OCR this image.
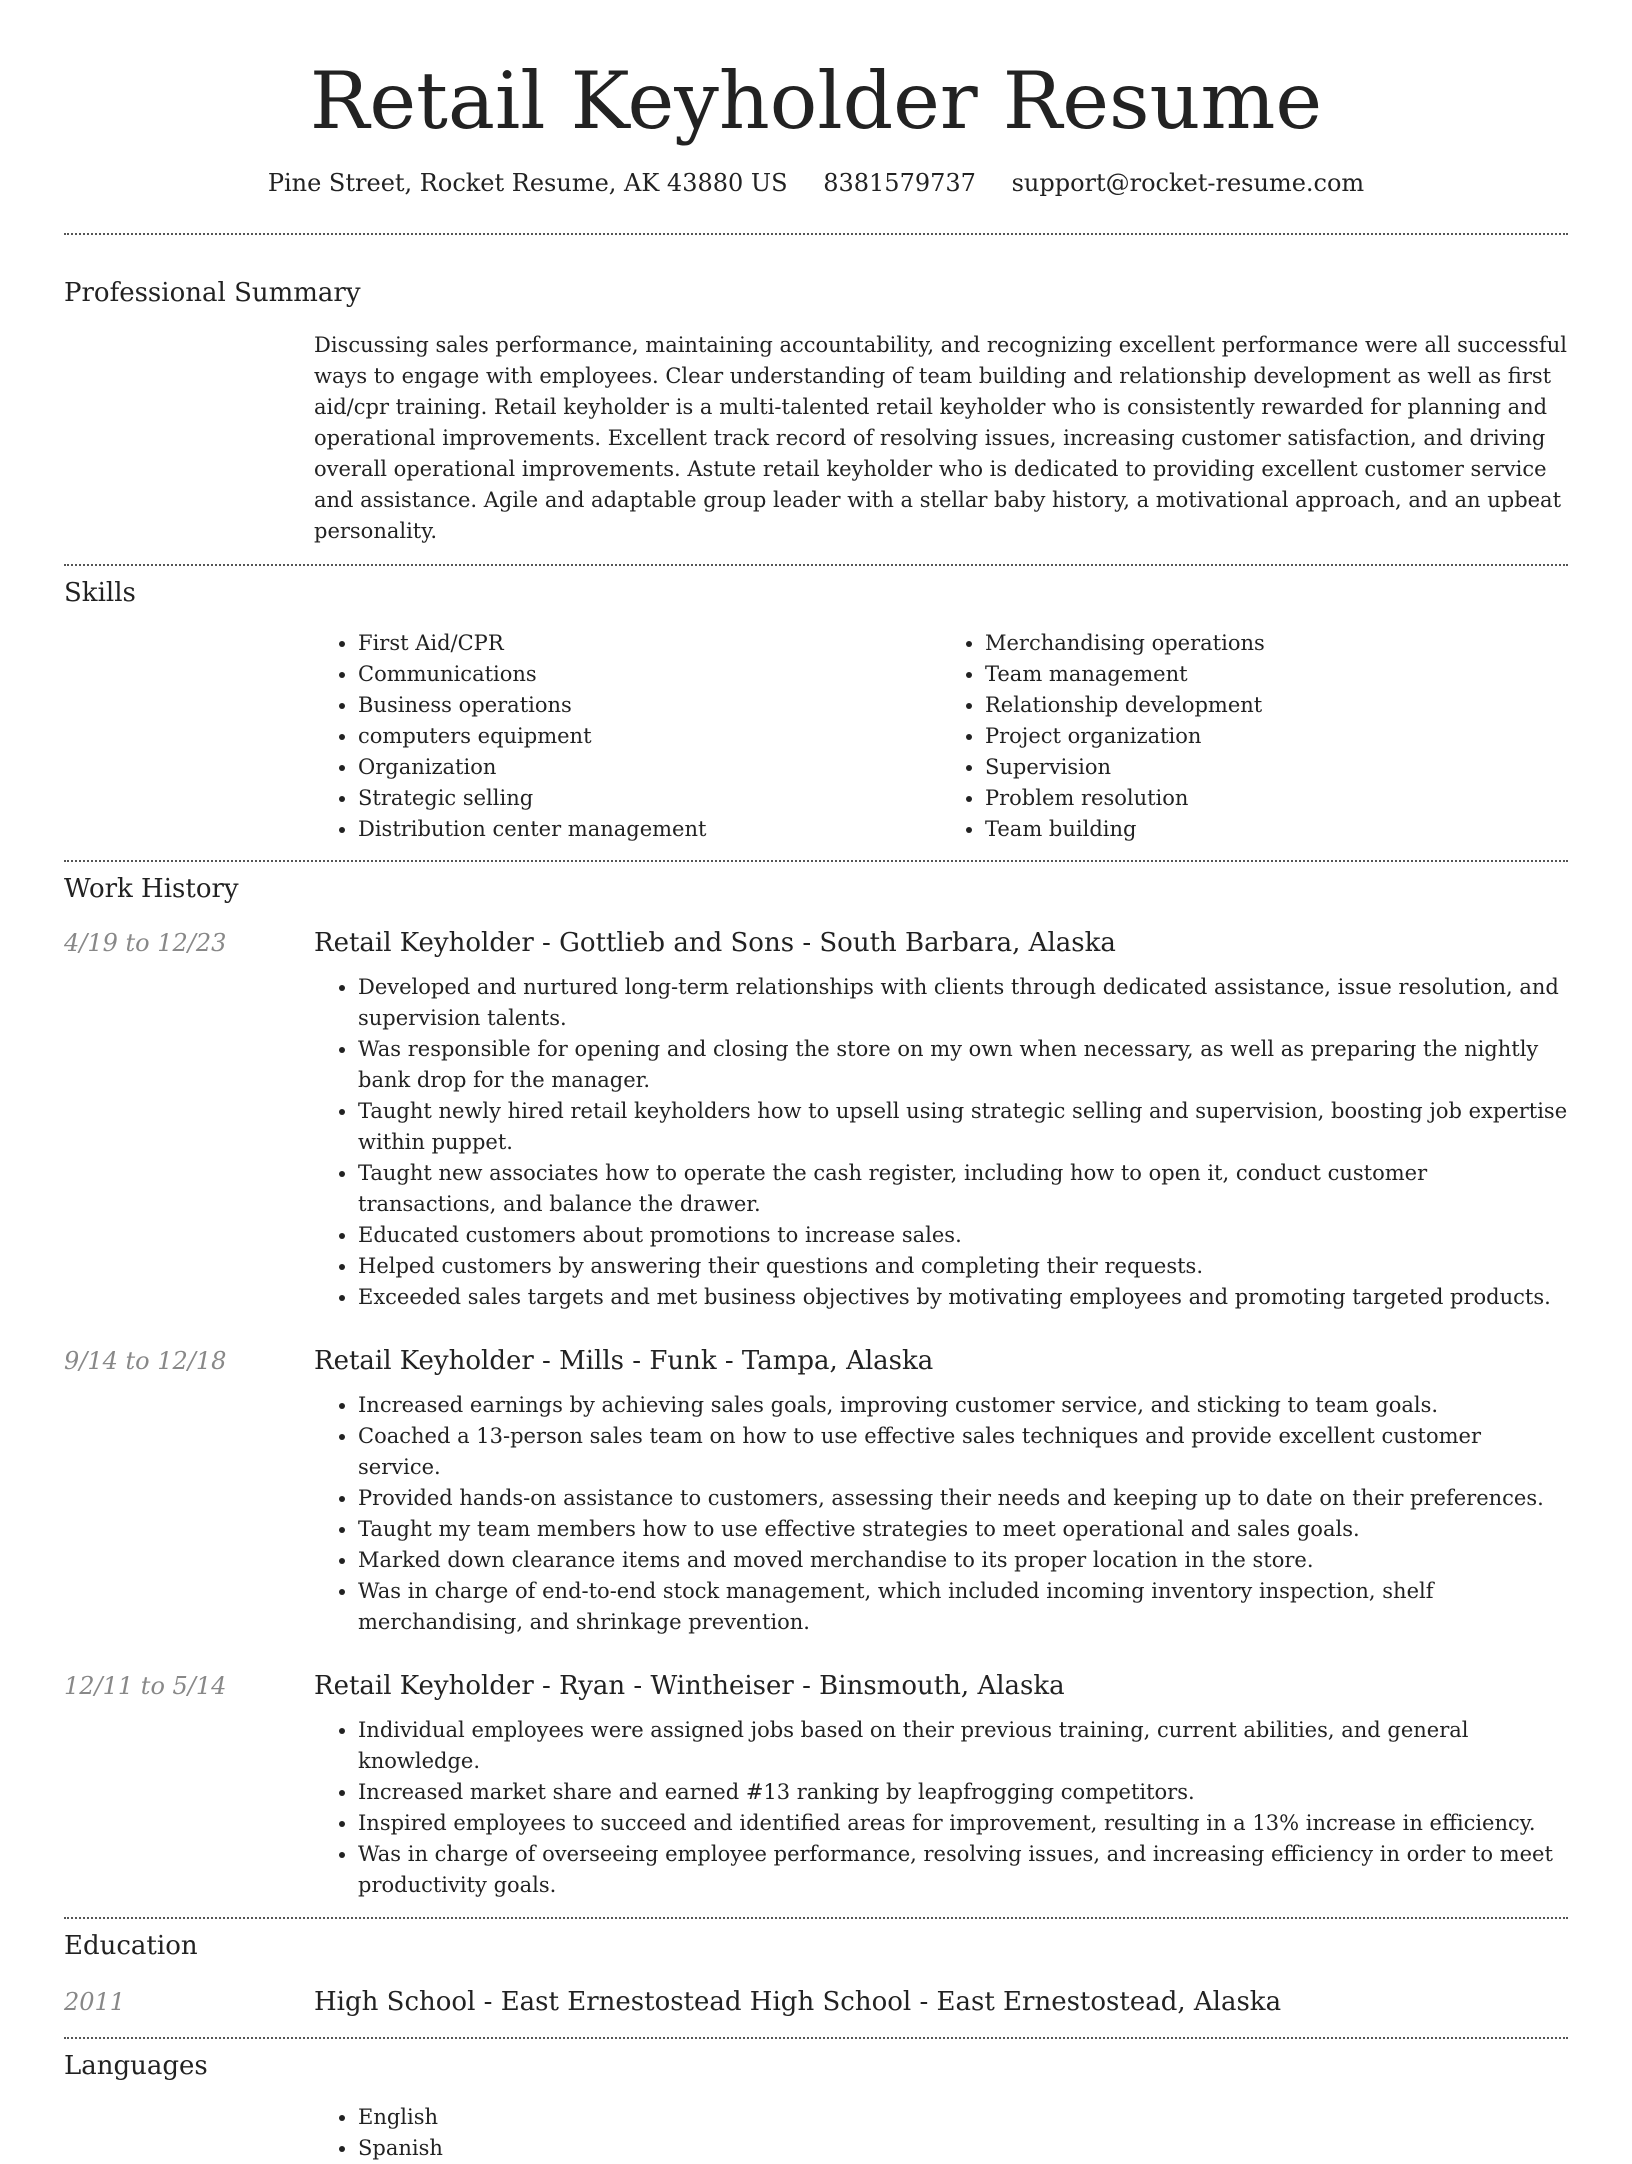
Retail Keyholder Resume
Pine Street, Rocket Resume, AK 43880 US 8381579737 support@rocket-resume.com
Professional Summary
Discussing sales performance, maintaining accountability, and recognizing excellent performance were all successful ways to engage with employees. Clear understanding of team building and relationship development as well as first aid/cpr training. Retail keyholder is a multi-talented retail keyholder who is consistently rewarded for planning and operational improvements. Excellent track record of resolving issues, increasing customer satisfaction, and driving overall operational improvements. Astute retail keyholder who is dedicated to providing excellent customer service and assistance. Agile and adaptable group leader with a stellar baby history, a motivational approach, and an upbeat personality.
Skills
• First Aid/CPR
• Communications
• Business operations
• computers equipment
• Organization
• Strategic selling
• Distribution center management
• Merchandising operations
• Team management
• Relationship development
• Project organization
• Supervision
• Problem resolution
• Team building
Work History
4/19 to 12/23	Retail Keyholder - Gottlieb and Sons - South Barbara, Alaska
• Developed and nurtured long-term relationships with clients through dedicated assistance, issue resolution, and supervision talents.
• Was responsible for opening and closing the store on my own when necessary, as well as preparing the nightly bank drop for the manager.
• Taught newly hired retail keyholders how to upsell using strategic selling and supervision, boosting job expertise within puppet.
• Taught new associates how to operate the cash register, including how to open it, conduct customer transactions, and balance the drawer.
• Educated customers about promotions to increase sales.
• Helped customers by answering their questions and completing their requests.
• Exceeded sales targets and met business objectives by motivating employees and promoting targeted products.
9/14 to 12/18	Retail Keyholder - Mills - Funk - Tampa, Alaska
• Increased earnings by achieving sales goals, improving customer service, and sticking to team goals.
• Coached a 13-person sales team on how to use effective sales techniques and provide excellent customer service.
• Provided hands-on assistance to customers, assessing their needs and keeping up to date on their preferences.
• Taught my team members how to use effective strategies to meet operational and sales goals.
• Marked down clearance items and moved merchandise to its proper location in the store.
• Was in charge of end-to-end stock management, which included incoming inventory inspection, shelf merchandising, and shrinkage prevention.
12/11 to 5/14	Retail Keyholder - Ryan - Wintheiser - Binsmouth, Alaska
• Individual employees were assigned jobs based on their previous training, current abilities, and general knowledge.
• Increased market share and earned #13 ranking by leapfrogging competitors.
• Inspired employees to succeed and identified areas for improvement, resulting in a 13% increase in efficiency.
• Was in charge of overseeing employee performance, resolving issues, and increasing efficiency in order to meet productivity goals.
Education
2011	High School - East Ernestostead High School - East Ernestostead, Alaska
Languages
• English
• Spanish
